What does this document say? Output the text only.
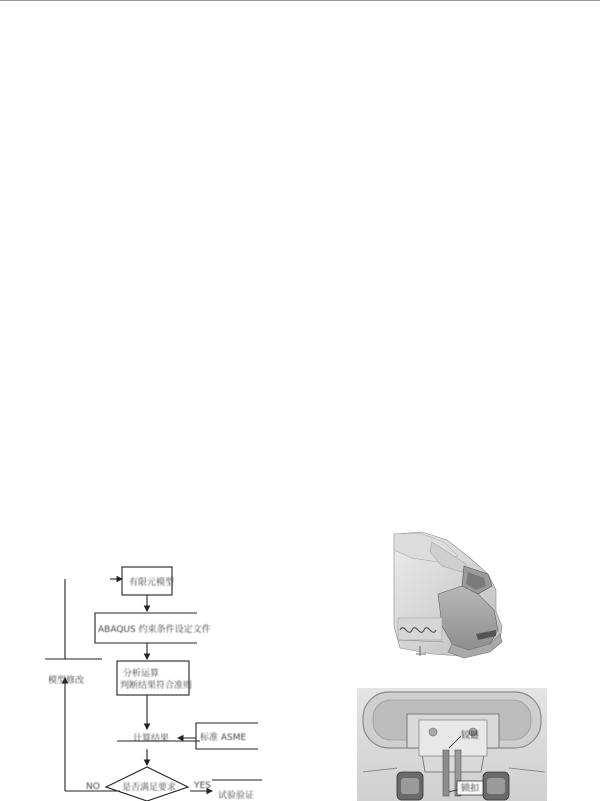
有限元模型
ABAQUS 约束条件设定文件
分析运算
判断结果符合准则
计算结果	标准 ASME
是否满足要求
模型修改
NO	YES
试验验证
铰链
锁扣
